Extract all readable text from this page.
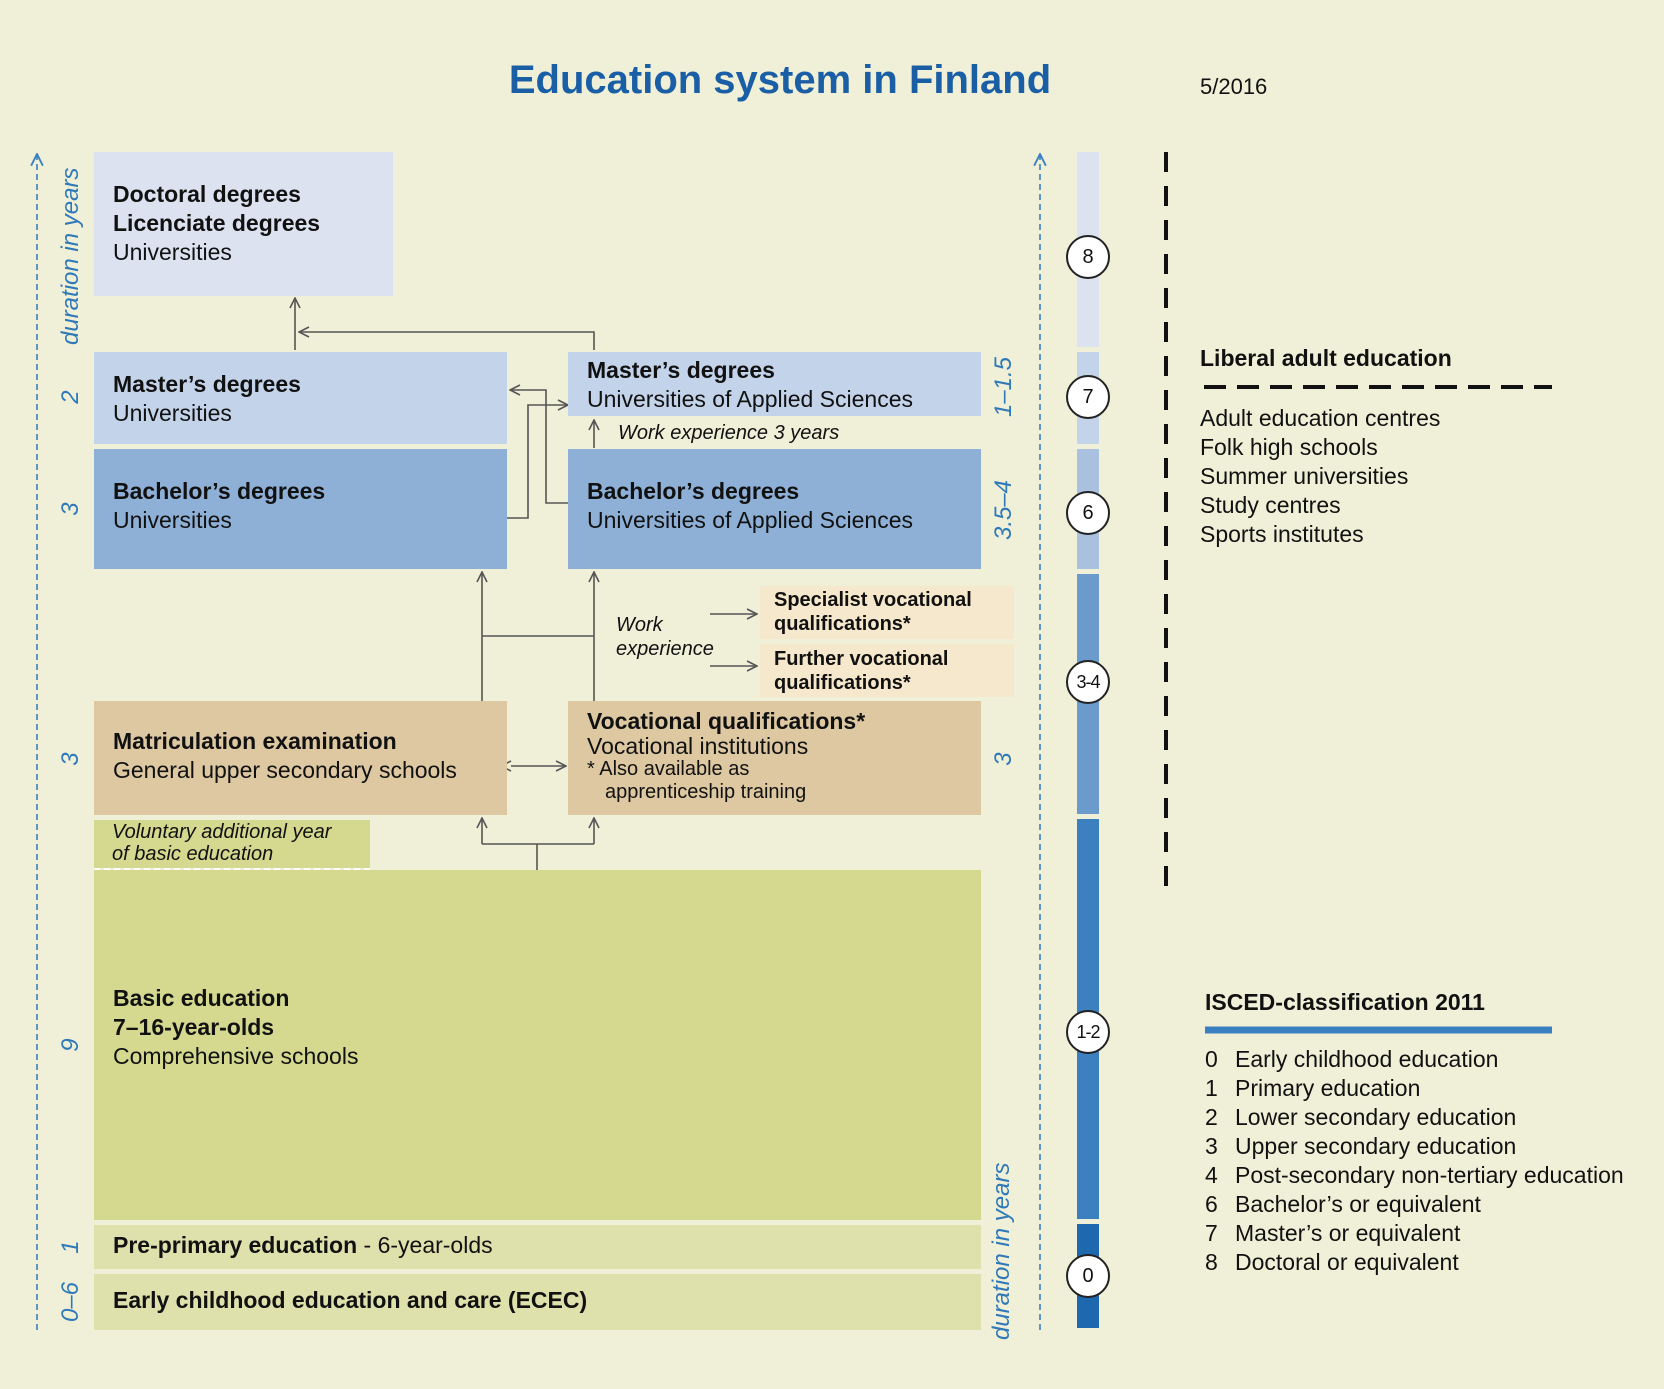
Education system in Finland	5/2016
Doctoral degrees
Licenciate degrees
Universities
Master’s degrees
Universities
Master’s degrees
Universities of Applied Sciences
Work experience 3 years
Bachelor’s degrees
Universities
Bachelor’s degrees
Universities of Applied Sciences
Work
experience
Specialist vocational
qualifications*
Further vocational
qualifications*
Matriculation examination
General upper secondary schools
Vocational qualifications*
Vocational institutions
* Also available as
apprenticeship training
Voluntary additional year
of basic education
Basic education
7–16-year-olds
Comprehensive schools
Pre-primary education - 6-year-olds
Early childhood education and care (ECEC)
duration in years
duration in years
2
3
3
9
1
0–6
1–1.5
3.5–4
3
8
7
6
3-4
1-2
0
Liberal adult education
Adult education centres
Folk high schools
Summer universities
Study centres
Sports institutes
ISCED-classification 2011
0 Early childhood education
1 Primary education
2 Lower secondary education
3 Upper secondary education
4 Post-secondary non-tertiary education
6 Bachelor’s or equivalent
7 Master’s or equivalent
8 Doctoral or equivalent
